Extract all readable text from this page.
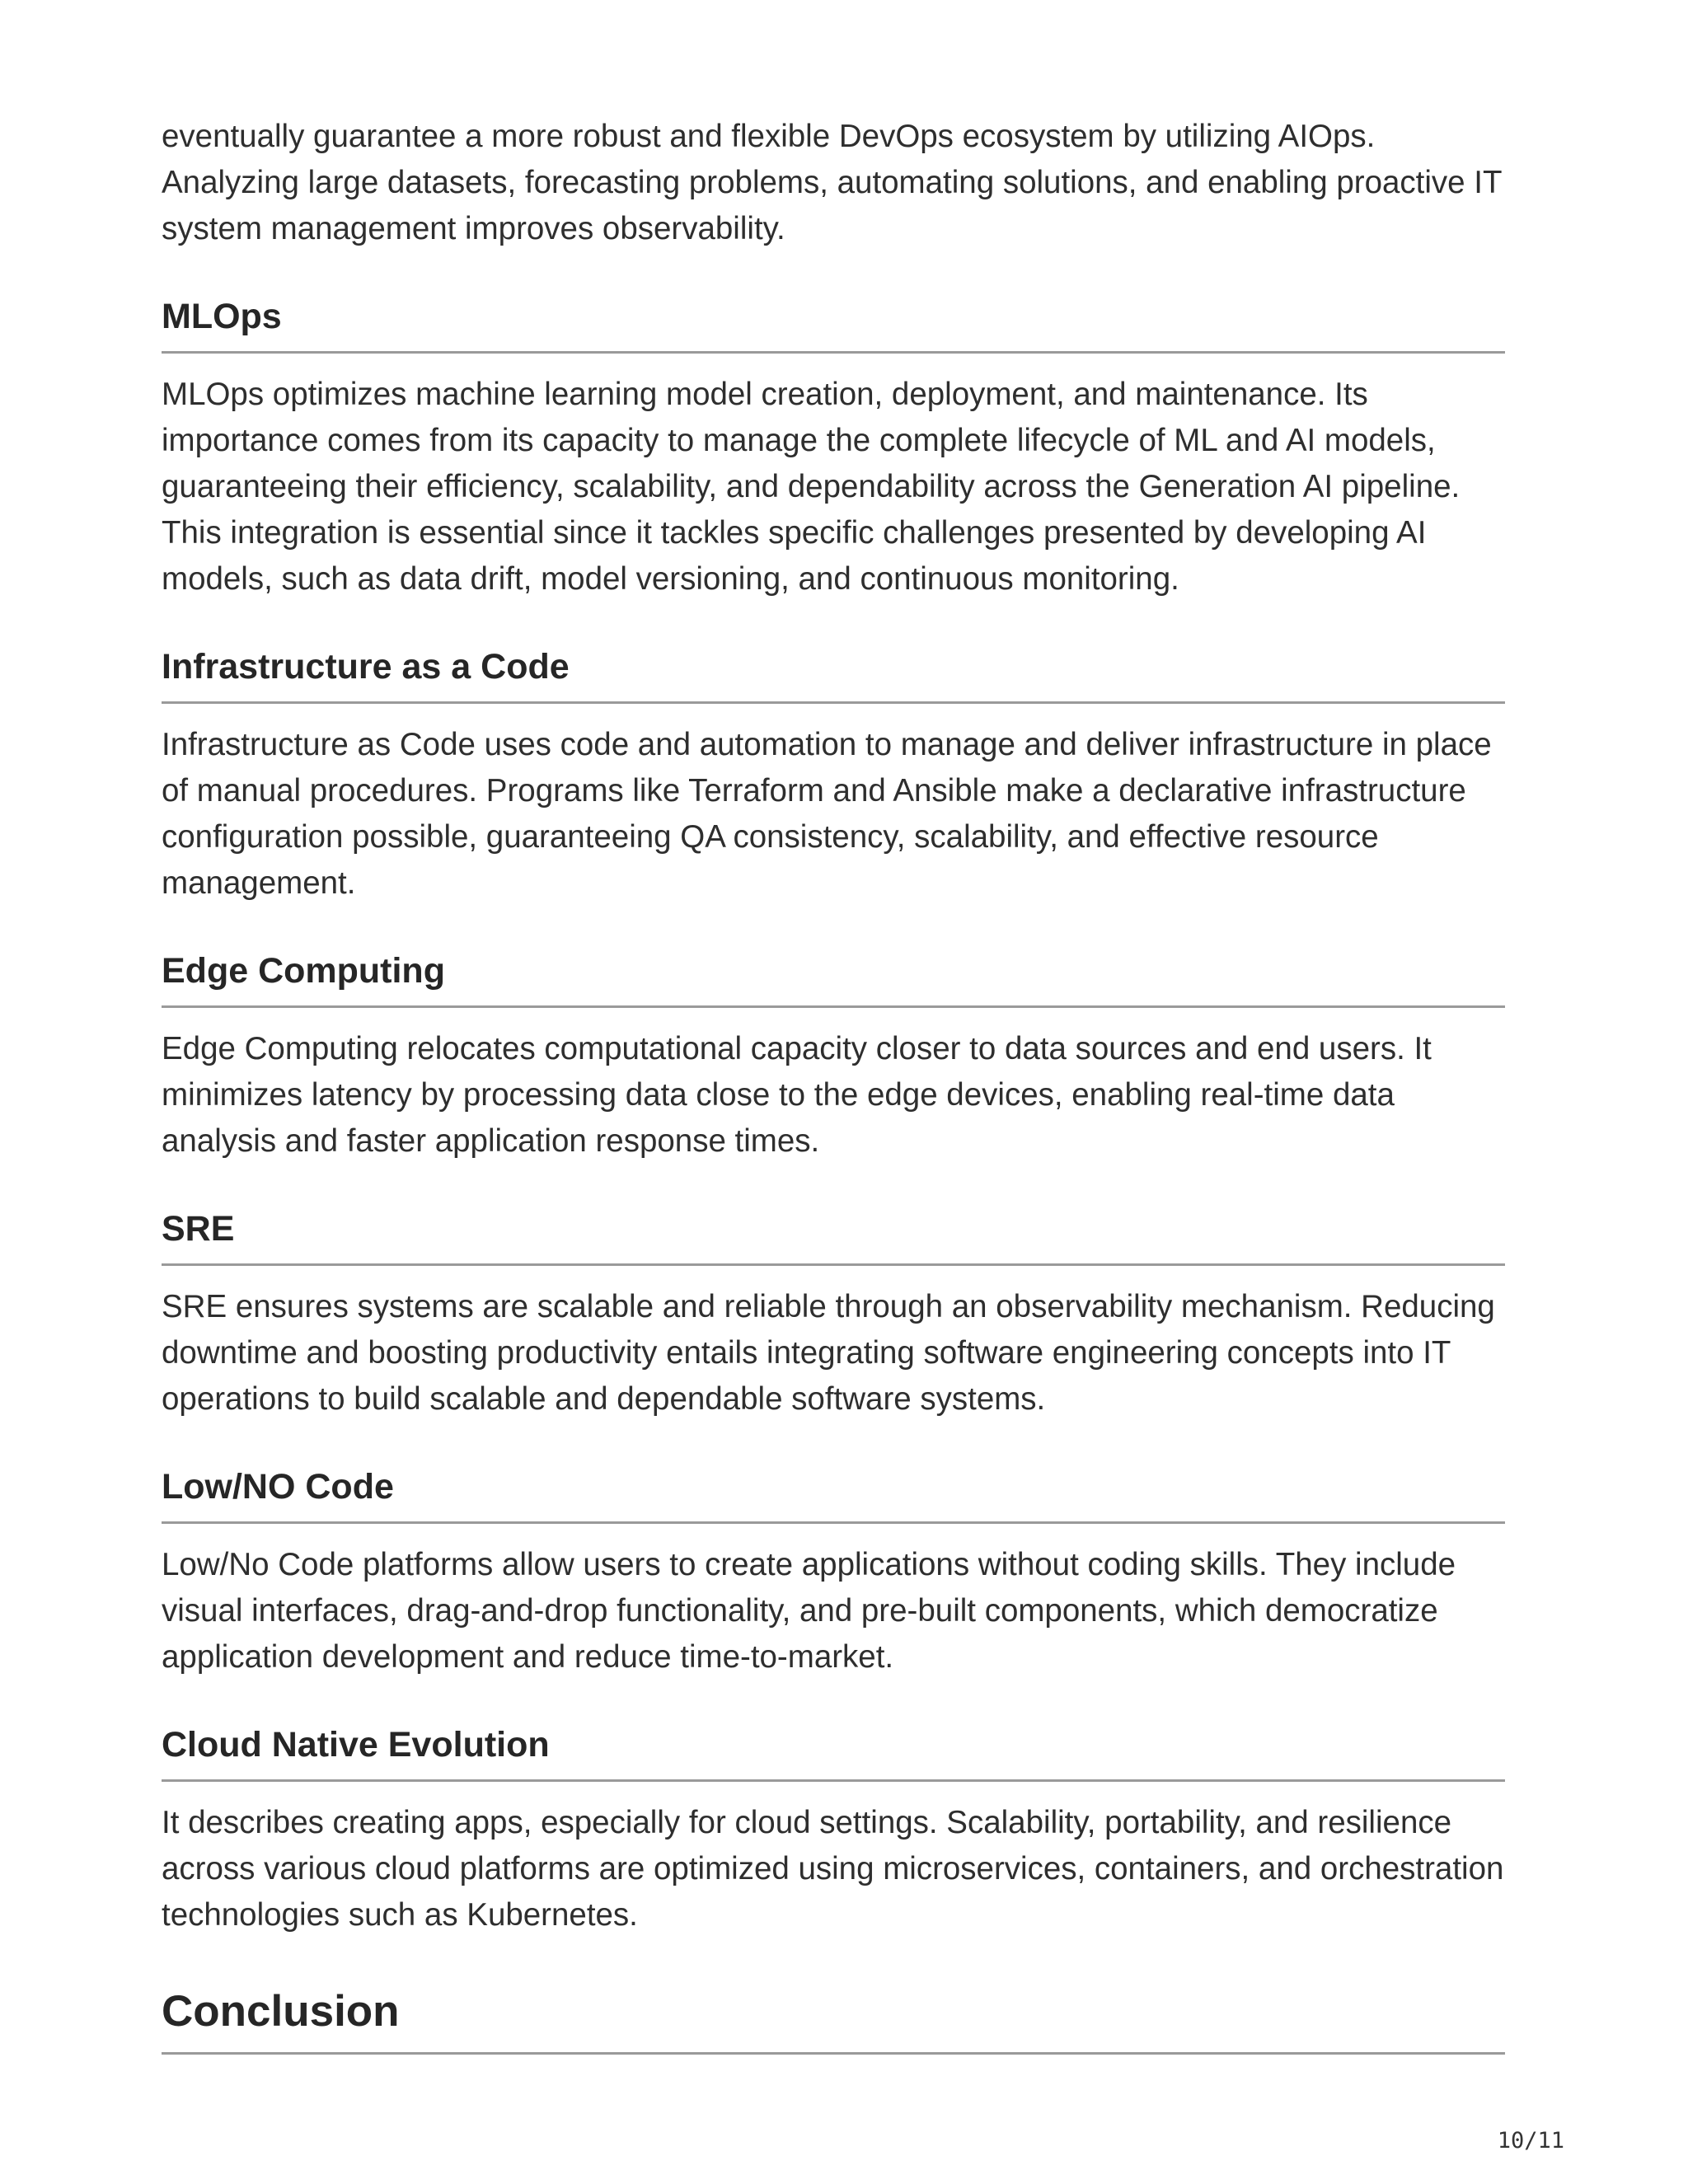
eventually guarantee a more robust and flexible DevOps ecosystem by utilizing AIOps. Analyzing large datasets, forecasting problems, automating solutions, and enabling proactive IT system management improves observability.

MLOps

MLOps optimizes machine learning model creation, deployment, and maintenance. Its importance comes from its capacity to manage the complete lifecycle of ML and AI models, guaranteeing their efficiency, scalability, and dependability across the Generation AI pipeline. This integration is essential since it tackles specific challenges presented by developing AI models, such as data drift, model versioning, and continuous monitoring.

Infrastructure as a Code

Infrastructure as Code uses code and automation to manage and deliver infrastructure in place of manual procedures. Programs like Terraform and Ansible make a declarative infrastructure configuration possible, guaranteeing QA consistency, scalability, and effective resource management.

Edge Computing

Edge Computing relocates computational capacity closer to data sources and end users. It minimizes latency by processing data close to the edge devices, enabling real-time data analysis and faster application response times.

SRE

SRE ensures systems are scalable and reliable through an observability mechanism. Reducing downtime and boosting productivity entails integrating software engineering concepts into IT operations to build scalable and dependable software systems.

Low/NO Code

Low/No Code platforms allow users to create applications without coding skills. They include visual interfaces, drag-and-drop functionality, and pre-built components, which democratize application development and reduce time-to-market.

Cloud Native Evolution

It describes creating apps, especially for cloud settings. Scalability, portability, and resilience across various cloud platforms are optimized using microservices, containers, and orchestration technologies such as Kubernetes.

Conclusion
10/11
